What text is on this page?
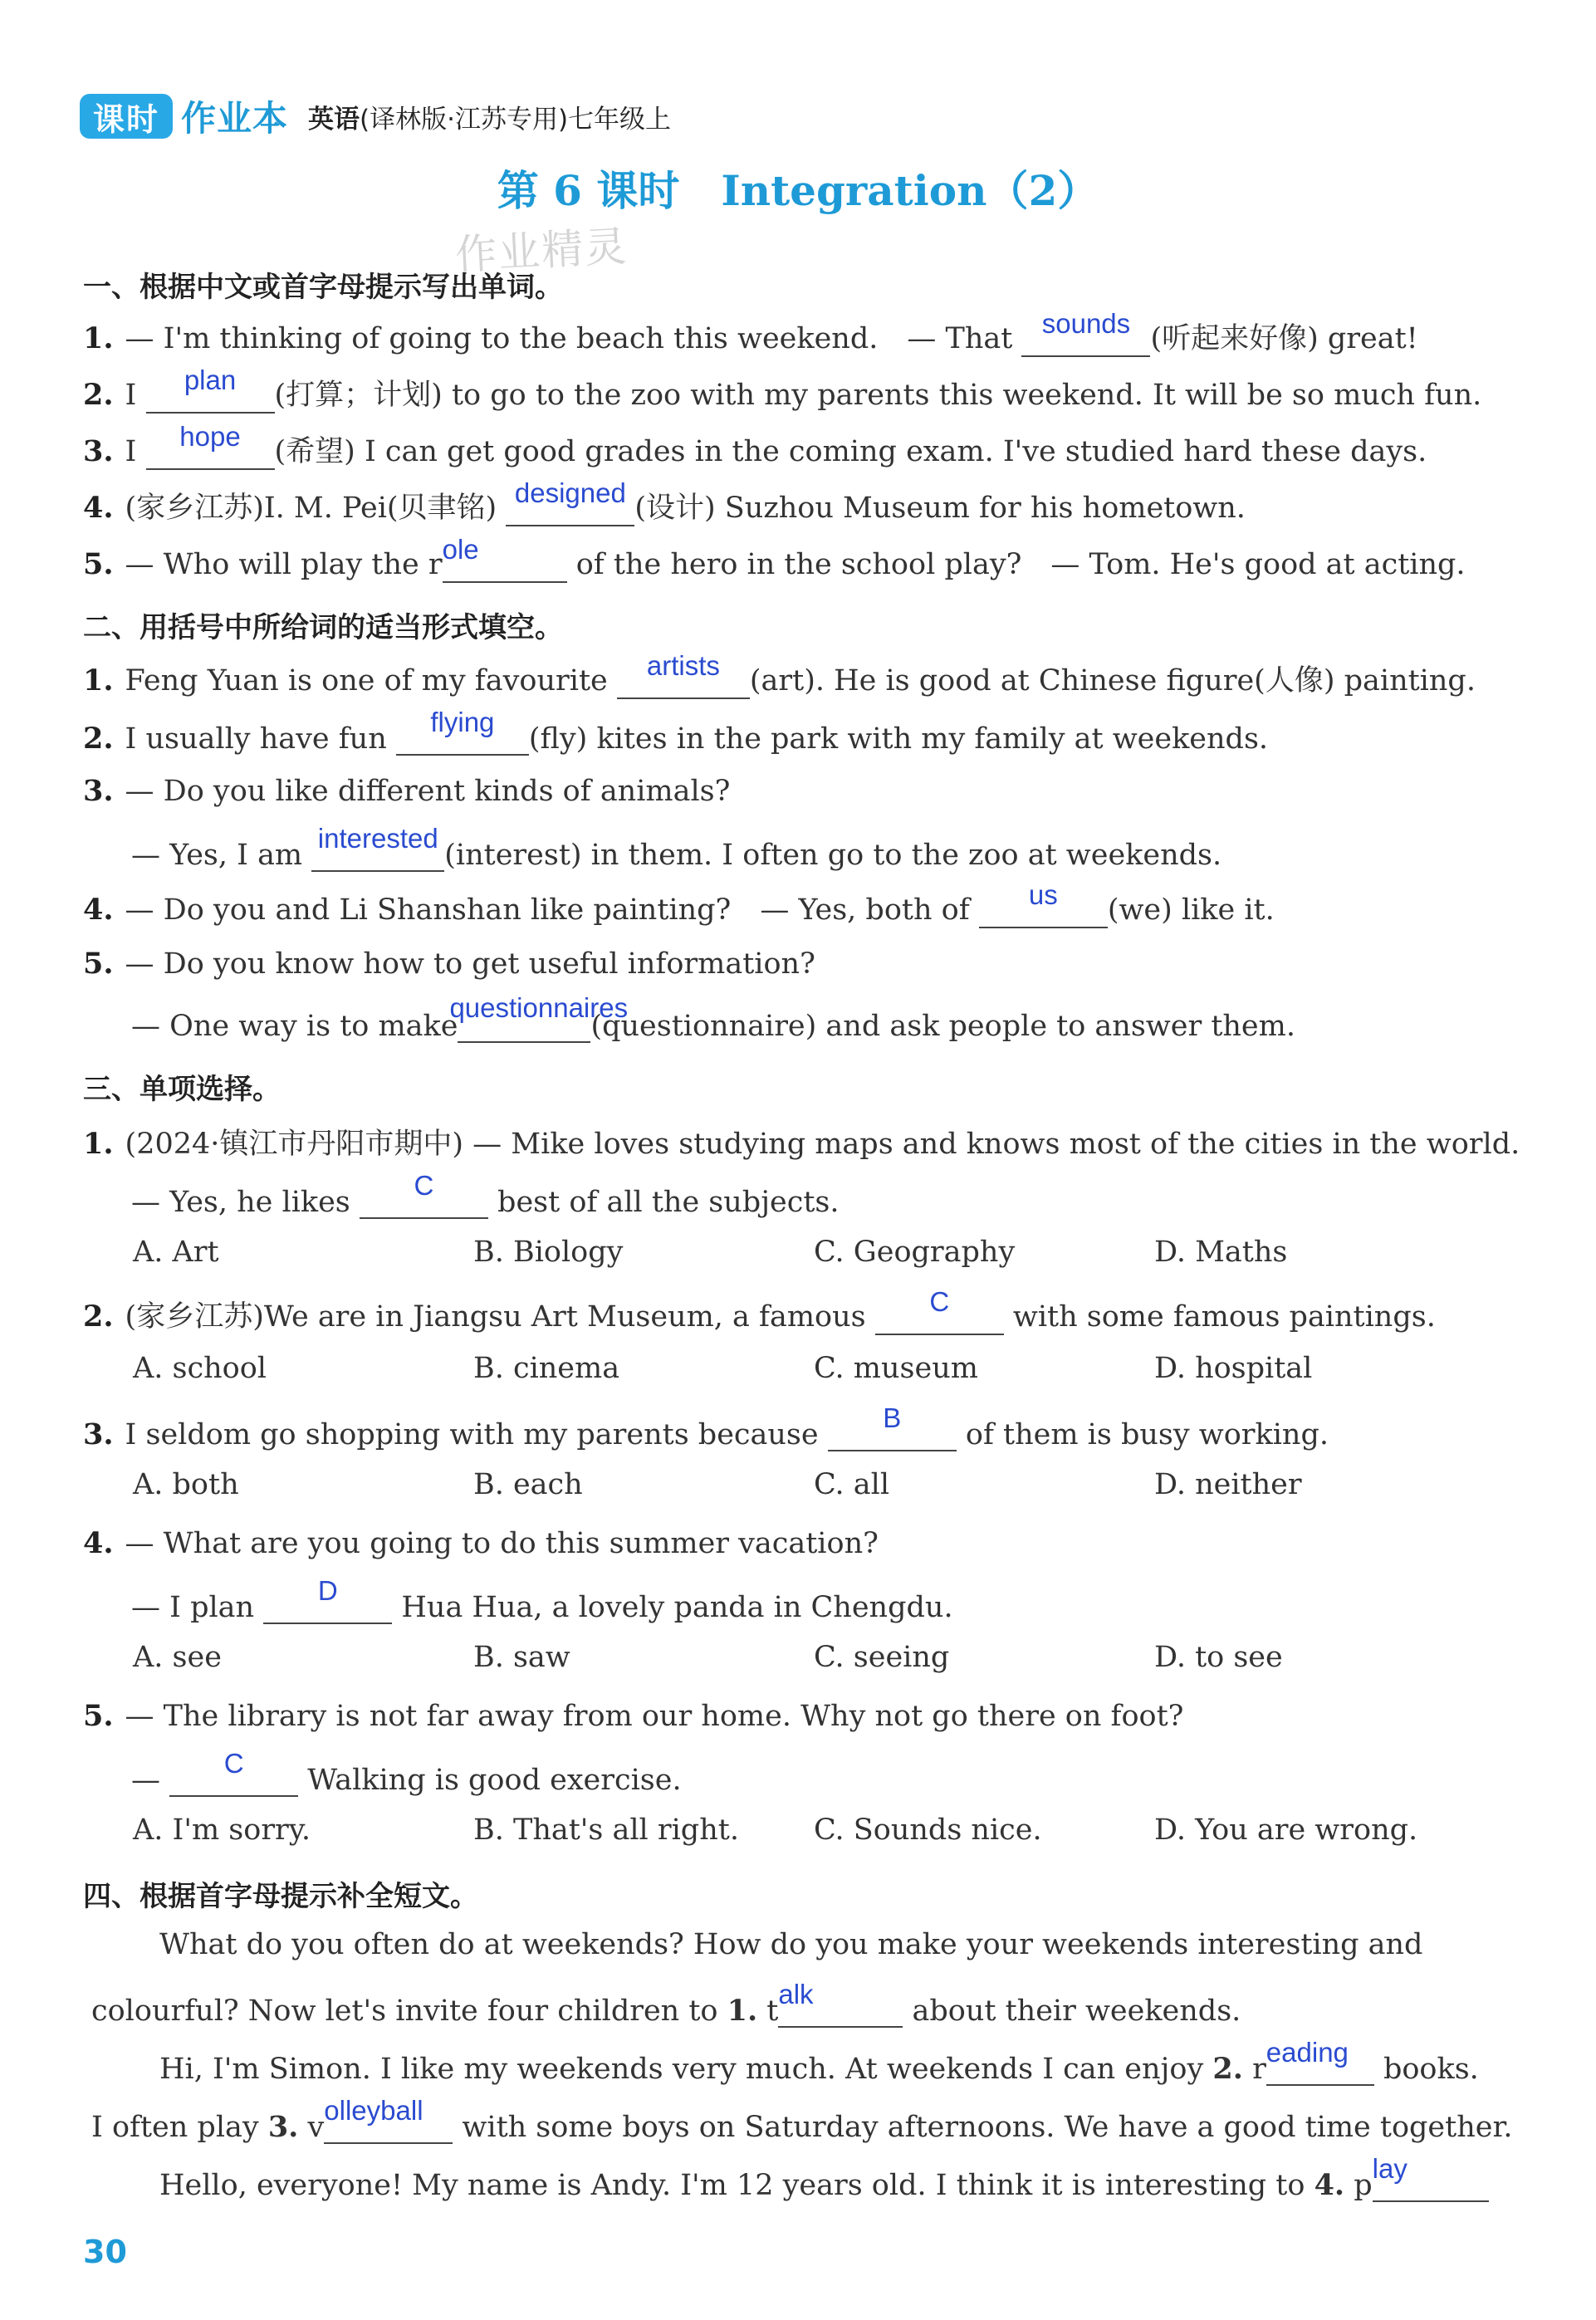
课时 作业本 英语(译林版·江苏专用)七年级上
第 6 课时　Integration（2）
作业精灵
一、根据中文或首字母提示写出单词。
1. — I'm thinking of going to the beach this weekend.　— That sounds (听起来好像) great!
2. I plan (打算；计划) to go to the zoo with my parents this weekend. It will be so much fun.
3. I hope (希望) I can get good grades in the coming exam. I've studied hard these days.
4. (家乡江苏)I. M. Pei(贝聿铭) designed (设计) Suzhou Museum for his hometown.
5. — Who will play the role	of the hero in the school play?　— Tom. He's good at acting.
二、用括号中所给词的适当形式填空。
1. Feng Yuan is one of my favourite artists (art). He is good at Chinese figure(人像) painting.
2. I usually have fun flying(fly) kites in the park with my family at weekends.
3. — Do you like different kinds of animals?
— Yes, I am interested(interest) in them. I often go to the zoo at weekends.
4. — Do you and Li Shanshan like painting?　— Yes, both of us (we) like it.
5. — Do you know how to get useful information?
— One way is to make
questionnaires
(questionnaire) and ask people to answer them.
三、单项选择。
1. (2024·镇江市丹阳市期中) — Mike loves studying maps and knows most of the cities in the world.
— Yes, he likes C best of all the subjects.
A. Art	B. Biology	C. Geography	D. Maths
2. (家乡江苏)We are in Jiangsu Art Museum, a famous C with some famous paintings.
A. school	B. cinema	C. museum	D. hospital
3. I seldom go shopping with my parents because B of them is busy working.
A. both	B. each	C. all	D. neither
4. — What are you going to do this summer vacation?
— I plan D Hua Hua, a lovely panda in Chengdu.
A. see	B. saw	C. seeing	D. to see
5. — The library is not far away from our home. Why not go there on foot?
— C Walking is good exercise.
A. I'm sorry.	B. That's all right.	C. Sounds nice.	D. You are wrong.
四、根据首字母提示补全短文。
What do you often do at weekends? How do you make your weekends interesting and
colourful? Now let's invite four children to 1. talk about their weekends.
Hi, I'm Simon. I like my weekends very much. At weekends I can enjoy 2. reading books.
I often play 3. volleyball with some boys on Saturday afternoons. We have a good time together.
Hello, everyone! My name is Andy. I'm 12 years old. I think it is interesting to 4. play
30
